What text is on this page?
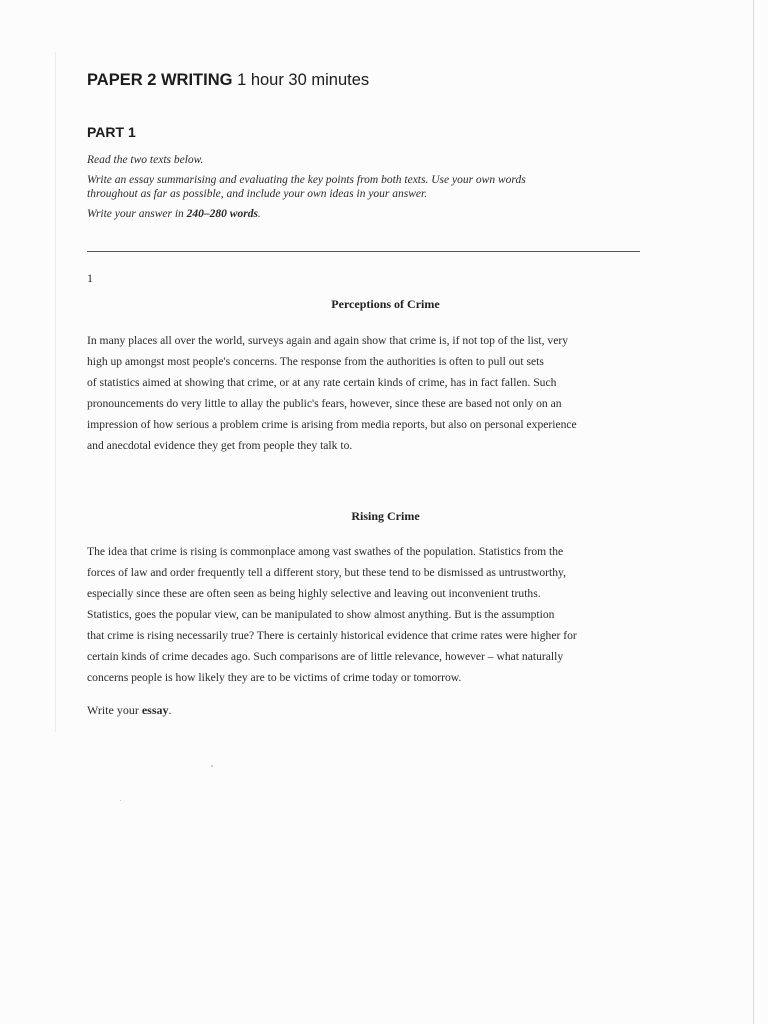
PAPER 2 WRITING 1 hour 30 minutes
PART 1

Read the two texts below.

Write an essay summarising and evaluating the key points from both texts. Use your own words
throughout as far as possible, and include your own ideas in your answer.

Write your answer in 240–280 words.

1
Perceptions of Crime
In many places all over the world, surveys again and again show that crime is, if not top of the list, very
high up amongst most people's concerns. The response from the authorities is often to pull out sets
of statistics aimed at showing that crime, or at any rate certain kinds of crime, has in fact fallen. Such
pronouncements do very little to allay the public's fears, however, since these are based not only on an
impression of how serious a problem crime is arising from media reports, but also on personal experience
and anecdotal evidence they get from people they talk to.
Rising Crime
The idea that crime is rising is commonplace among vast swathes of the population. Statistics from the
forces of law and order frequently tell a different story, but these tend to be dismissed as untrustworthy,
especially since these are often seen as being highly selective and leaving out inconvenient truths.
Statistics, goes the popular view, can be manipulated to show almost anything. But is the assumption
that crime is rising necessarily true? There is certainly historical evidence that crime rates were higher for
certain kinds of crime decades ago. Such comparisons are of little relevance, however – what naturally
concerns people is how likely they are to be victims of crime today or tomorrow.
Write your essay.
